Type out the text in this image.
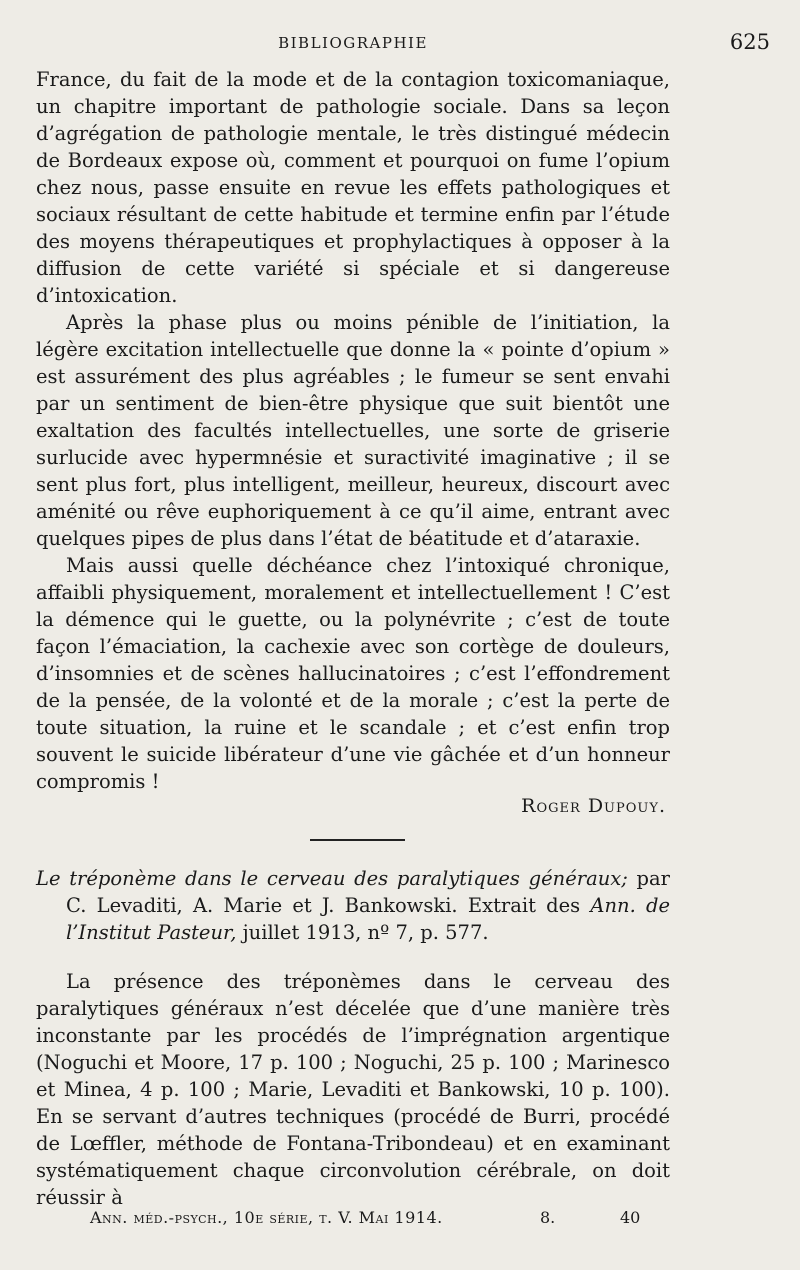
BIBLIOGRAPHIE	625

France, du fait de la mode et de la contagion toxicomaniaque, un chapitre important de pathologie sociale. Dans sa leçon d’agrégation de pathologie mentale, le très distingué médecin de Bordeaux expose où, comment et pourquoi on fume l’opium chez nous, passe ensuite en revue les effets pathologiques et sociaux résultant de cette habitude et termine enfin par l’étude des moyens thérapeutiques et prophylactiques à opposer à la diffusion de cette variété si spéciale et si dangereuse d’intoxication.

Après la phase plus ou moins pénible de l’initiation, la légère excitation intellectuelle que donne la « pointe d’opium » est assurément des plus agréables ; le fumeur se sent envahi par un sentiment de bien-être physique que suit bientôt une exaltation des facultés intellectuelles, une sorte de griserie surlucide avec hypermnésie et suractivité imaginative ; il se sent plus fort, plus intelligent, meilleur, heureux, discourt avec aménité ou rêve euphoriquement à ce qu’il aime, entrant avec quelques pipes de plus dans l’état de béatitude et d’ataraxie.

Mais aussi quelle déchéance chez l’intoxiqué chronique, affaibli physiquement, moralement et intellectuellement ! C’est la démence qui le guette, ou la polynévrite ; c’est de toute façon l’émaciation, la cachexie avec son cortège de douleurs, d’insomnies et de scènes hallucinatoires ; c’est l’effondrement de la pensée, de la volonté et de la morale ; c’est la perte de toute situation, la ruine et le scandale ; et c’est enfin trop souvent le suicide libérateur d’une vie gâchée et d’un honneur compromis !

Roger Dupouy.
Le tréponème dans le cerveau des paralytiques généraux; par C. Levaditi, A. Marie et J. Bankowski. Extrait des Ann. de l’Institut Pasteur, juillet 1913, nº 7, p. 577.

La présence des tréponèmes dans le cerveau des paralytiques généraux n’est décelée que d’une manière très inconstante par les procédés de l’imprégnation argentique (Noguchi et Moore, 17 p. 100 ; Noguchi, 25 p. 100 ; Marinesco et Minea, 4 p. 100 ; Marie, Levaditi et Bankowski, 10 p. 100). En se servant d’autres techniques (procédé de Burri, procédé de Lœffler, méthode de Fontana-Tribondeau) et en examinant systématiquement chaque circonvolution cérébrale, on doit réussir à

Ann. méd.-psych., 10e série, t. V. Mai 1914.	8.	40
